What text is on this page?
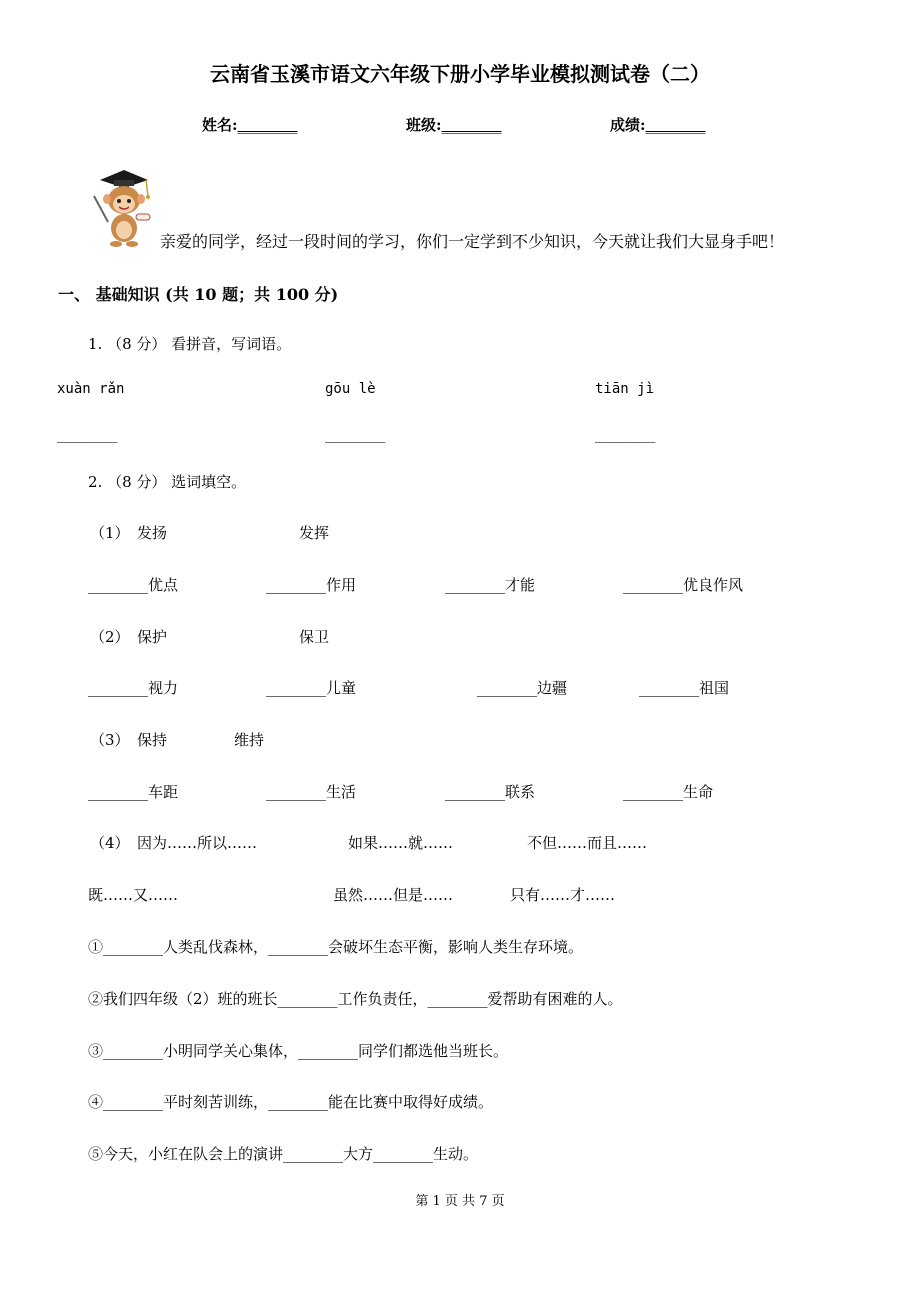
云南省玉溪市语文六年级下册小学毕业模拟测试卷（二）
姓名:________	班级:________	成绩:________
亲爱的同学，经过一段时间的学习，你们一定学到不少知识，今天就让我们大显身手吧！
一、 基础知识 (共 10 题；共 100 分)
1. （8 分） 看拼音，写词语。
xuàn rǎn	gōu lè	tiān jì
________	________	________
2. （8 分） 选词填空。
（1） 发扬	发挥
________优点	________作用	________才能	________优良作风
（2） 保护	保卫
________视力	________儿童	________边疆	________祖国
（3） 保持	维持
________车距	________生活	________联系	________生命
（4） 因为……所以……	如果……就……	不但……而且……
既……又……	虽然……但是……	只有……才……
①________人类乱伐森林，________会破坏生态平衡，影响人类生存环境。
②我们四年级（2）班的班长________工作负责任，________爱帮助有困难的人。
③________小明同学关心集体，________同学们都选他当班长。
④________平时刻苦训练，________能在比赛中取得好成绩。
⑤今天，小红在队会上的演讲________大方________生动。
第 1 页 共 7 页
